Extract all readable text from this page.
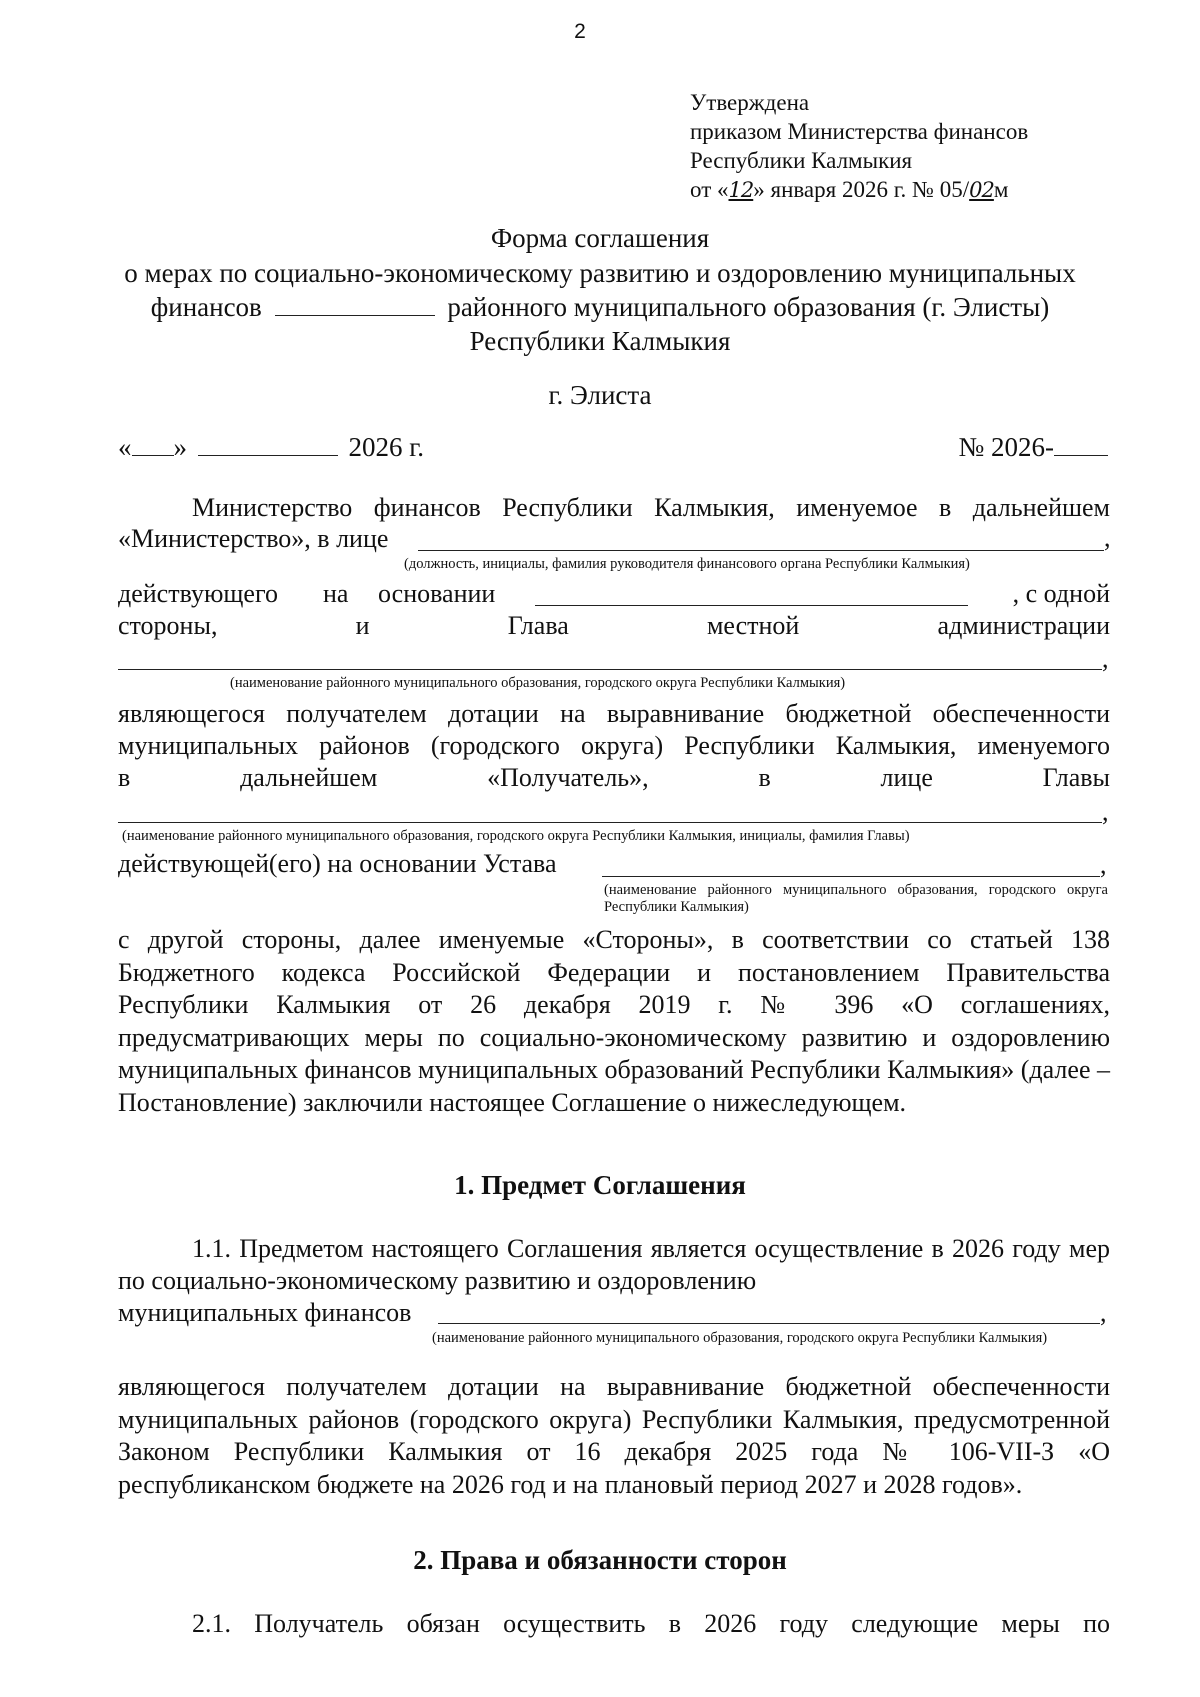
2
Утверждена
приказом Министерства финансов
Республики Калмыкия
от «12» января 2026 г. № 05/02м
Форма соглашения
о мерах по социально-экономическому развитию и оздоровлению муниципальных
финансов	районного муниципального образования (г. Элисты)
Республики Калмыкия
г. Элиста
« »	2026 г.	№ 2026-
Министерство финансов Республики Калмыкия, именуемое в дальнейшем
«Министерство», в лице	,
(должность, инициалы, фамилия руководителя финансового органа Республики Калмыкия)
действующего на основании	, с одной
стороны, и Глава местной администрации
,
(наименование районного муниципального образования, городского округа Республики Калмыкия)
являющегося получателем дотации на выравнивание бюджетной обеспеченности
муниципальных районов (городского округа) Республики Калмыкия, именуемого
в дальнейшем «Получатель», в лице Главы
,
(наименование районного муниципального образования, городского округа Республики Калмыкия, инициалы, фамилия Главы)
действующей(его) на основании Устава	,
(наименование районного муниципального образования, городского округа Республики Калмыкия)
с другой стороны, далее именуемые «Стороны», в соответствии со статьей 138 Бюджетного кодекса Российской Федерации и постановлением Правительства Республики Калмыкия от 26 декабря 2019 г. № 396 «О соглашениях, предусматривающих меры по социально-экономическому развитию и оздоровлению муниципальных финансов муниципальных образований Республики Калмыкия» (далее – Постановление) заключили настоящее Соглашение о нижеследующем.
1. Предмет Соглашения
1.1. Предметом настоящего Соглашения является осуществление в 2026 году мер по социально-экономическому развитию и оздоровлению
муниципальных финансов	,
(наименование районного муниципального образования, городского округа Республики Калмыкия)
являющегося получателем дотации на выравнивание бюджетной обеспеченности муниципальных районов (городского округа) Республики Калмыкия, предусмотренной Законом Республики Калмыкия от 16 декабря 2025 года № 106-VII-З «О республиканском бюджете на 2026 год и на плановый период 2027 и 2028 годов».
2. Права и обязанности сторон
2.1. Получатель обязан осуществить в 2026 году следующие меры по
